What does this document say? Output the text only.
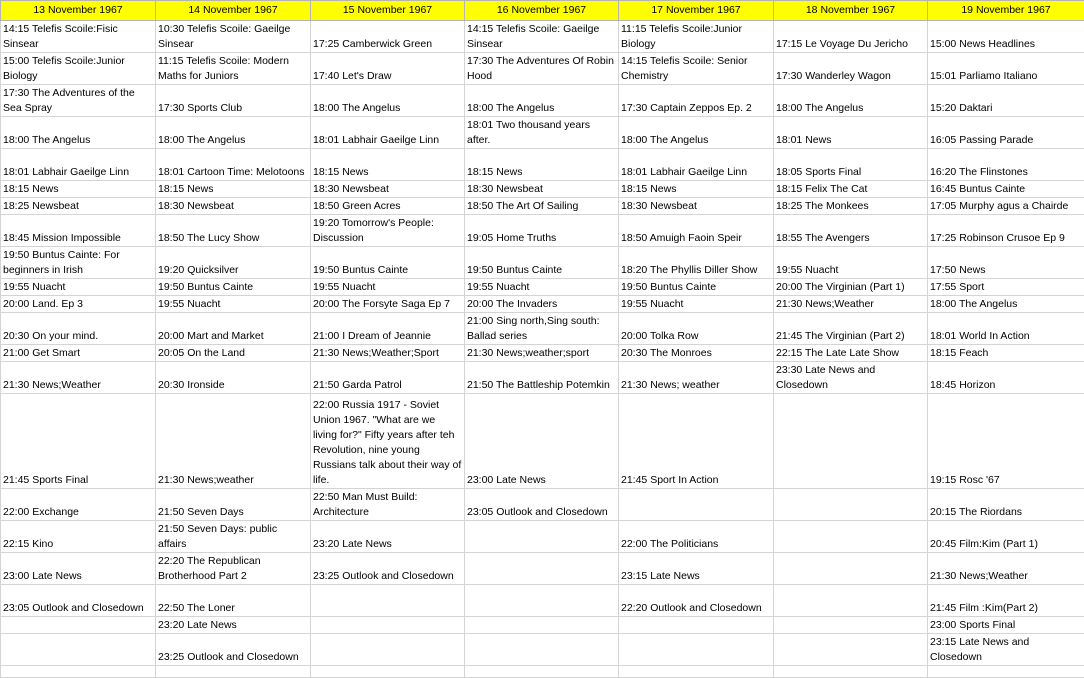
13 November 1967	14 November 1967	15 November 1967	16 November 1967	17 November 1967	18 November 1967	19 November 1967
14:15 Telefis Scoile:Fisic Sinsear	10:30 Telefis Scoile: Gaeilge Sinsear	17:25 Camberwick Green	14:15 Telefis Scoile: Gaeilge Sinsear	11:15 Telefis Scoile:Junior Biology	17:15 Le Voyage Du Jericho	15:00 News Headlines
15:00 Telefis Scoile:Junior Biology	11:15 Telefis Scoile: Modern Maths for Juniors	17:40 Let's Draw	17:30 The Adventures Of Robin Hood	14:15 Telefis Scoile: Senior Chemistry	17:30 Wanderley Wagon	15:01 Parliamo Italiano
17:30 The Adventures of the Sea Spray	17:30 Sports Club	18:00 The Angelus	18:00 The Angelus	17:30 Captain Zeppos Ep. 2	18:00 The Angelus	15:20 Daktari
18:00 The Angelus	18:00 The Angelus	18:01 Labhair Gaeilge Linn	18:01 Two thousand years after.	18:00 The Angelus	18:01 News	16:05 Passing Parade
18:01 Labhair Gaeilge Linn	18:01 Cartoon Time: Melotoons	18:15 News	18:15 News	18:01 Labhair Gaeilge Linn	18:05 Sports Final	16:20 The Flinstones
18:15 News	18:15 News	18:30 Newsbeat	18:30 Newsbeat	18:15 News	18:15 Felix The Cat	16:45 Buntus Cainte
18:25 Newsbeat	18:30 Newsbeat	18:50 Green Acres	18:50 The Art Of Sailing	18:30 Newsbeat	18:25 The Monkees	17:05 Murphy agus a Chairde
18:45 Mission Impossible	18:50 The Lucy Show	19:20 Tomorrow's People: Discussion	19:05 Home Truths	18:50 Amuigh Faoin Speir	18:55 The Avengers	17:25 Robinson Crusoe Ep 9
19:50 Buntus Cainte: For beginners in Irish	19:20 Quicksilver	19:50 Buntus Cainte	19:50 Buntus Cainte	18:20 The Phyllis Diller Show	19:55 Nuacht	17:50 News
19:55 Nuacht	19:50 Buntus Cainte	19:55 Nuacht	19:55 Nuacht	19:50 Buntus Cainte	20:00 The Virginian (Part 1)	17:55 Sport
20:00 Land. Ep 3	19:55 Nuacht	20:00 The Forsyte Saga Ep 7	20:00 The Invaders	19:55 Nuacht	21:30 News;Weather	18:00 The Angelus
20:30 On your mind.	20:00 Mart and Market	21:00 I Dream of Jeannie	21:00 Sing north,Sing south: Ballad series	20:00 Tolka Row	21:45 The Virginian (Part 2)	18:01 World In Action
21:00 Get Smart	20:05 On the Land	21:30 News;Weather;Sport	21:30 News;weather;sport	20:30 The Monroes	22:15 The Late Late Show	18:15 Feach
21:30 News;Weather	20:30 Ironside	21:50 Garda Patrol	21:50 The Battleship Potemkin	21:30 News; weather	23:30 Late News and Closedown	18:45 Horizon
21:45 Sports Final	21:30 News;weather	22:00 Russia 1917 - Soviet Union 1967. "What are we living for?" Fifty years after teh Revolution, nine young Russians talk about their way of life.	23:00 Late News	21:45 Sport In Action		19:15 Rosc '67
22:00 Exchange	21:50 Seven Days	22:50 Man Must Build: Architecture	23:05 Outlook and Closedown			20:15 The Riordans
22:15 Kino	21:50 Seven Days: public affairs	23:20 Late News		22:00 The Politicians		20:45 Film:Kim (Part 1)
23:00 Late News	22:20 The Republican Brotherhood Part 2	23:25 Outlook and Closedown		23:15 Late News		21:30 News;Weather
23:05 Outlook and Closedown	22:50 The Loner			22:20 Outlook and Closedown		21:45 Film :Kim(Part 2)
	23:20 Late News					23:00 Sports Final
	23:25 Outlook and Closedown					23:15 Late News and Closedown
